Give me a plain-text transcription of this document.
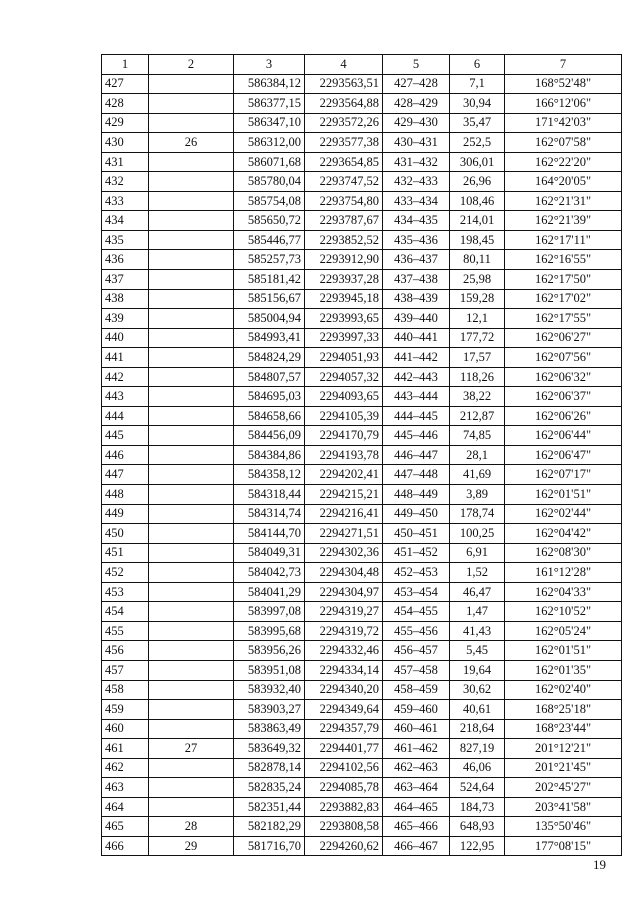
1	2	3	4	5	6	7
427		586384,12	2293563,51	427–428	7,1	168°52'48"
428		586377,15	2293564,88	428–429	30,94	166°12'06"
429		586347,10	2293572,26	429–430	35,47	171°42'03"
430	26	586312,00	2293577,38	430–431	252,5	162°07'58"
431		586071,68	2293654,85	431–432	306,01	162°22'20"
432		585780,04	2293747,52	432–433	26,96	164°20'05"
433		585754,08	2293754,80	433–434	108,46	162°21'31"
434		585650,72	2293787,67	434–435	214,01	162°21'39"
435		585446,77	2293852,52	435–436	198,45	162°17'11"
436		585257,73	2293912,90	436–437	80,11	162°16'55"
437		585181,42	2293937,28	437–438	25,98	162°17'50"
438		585156,67	2293945,18	438–439	159,28	162°17'02"
439		585004,94	2293993,65	439–440	12,1	162°17'55"
440		584993,41	2293997,33	440–441	177,72	162°06'27"
441		584824,29	2294051,93	441–442	17,57	162°07'56"
442		584807,57	2294057,32	442–443	118,26	162°06'32"
443		584695,03	2294093,65	443–444	38,22	162°06'37"
444		584658,66	2294105,39	444–445	212,87	162°06'26"
445		584456,09	2294170,79	445–446	74,85	162°06'44"
446		584384,86	2294193,78	446–447	28,1	162°06'47"
447		584358,12	2294202,41	447–448	41,69	162°07'17"
448		584318,44	2294215,21	448–449	3,89	162°01'51"
449		584314,74	2294216,41	449–450	178,74	162°02'44"
450		584144,70	2294271,51	450–451	100,25	162°04'42"
451		584049,31	2294302,36	451–452	6,91	162°08'30"
452		584042,73	2294304,48	452–453	1,52	161°12'28"
453		584041,29	2294304,97	453–454	46,47	162°04'33"
454		583997,08	2294319,27	454–455	1,47	162°10'52"
455		583995,68	2294319,72	455–456	41,43	162°05'24"
456		583956,26	2294332,46	456–457	5,45	162°01'51"
457		583951,08	2294334,14	457–458	19,64	162°01'35"
458		583932,40	2294340,20	458–459	30,62	162°02'40"
459		583903,27	2294349,64	459–460	40,61	168°25'18"
460		583863,49	2294357,79	460–461	218,64	168°23'44"
461	27	583649,32	2294401,77	461–462	827,19	201°12'21"
462		582878,14	2294102,56	462–463	46,06	201°21'45"
463		582835,24	2294085,78	463–464	524,64	202°45'27"
464		582351,44	2293882,83	464–465	184,73	203°41'58"
465	28	582182,29	2293808,58	465–466	648,93	135°50'46"
466	29	581716,70	2294260,62	466–467	122,95	177°08'15"
19
